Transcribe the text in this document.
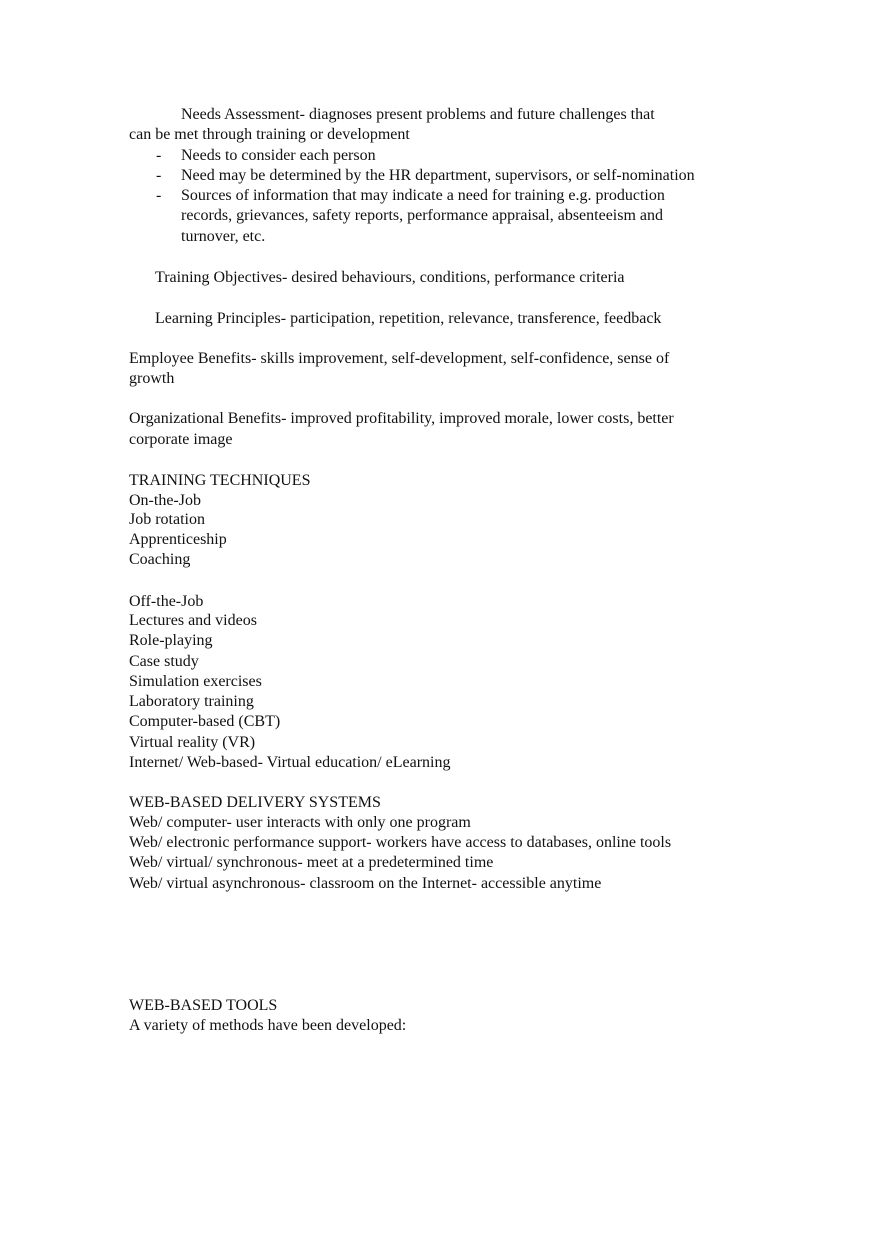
Needs Assessment- diagnoses present problems and future challenges that
can be met through training or development
- Needs to consider each person
- Need may be determined by the HR department, supervisors, or self-nomination
- Sources of information that may indicate a need for training e.g. production
records, grievances, safety reports, performance appraisal, absenteeism and
turnover, etc.
Training Objectives- desired behaviours, conditions, performance criteria
Learning Principles- participation, repetition, relevance, transference, feedback
Employee Benefits- skills improvement, self-development, self-confidence, sense of
growth
Organizational Benefits- improved profitability, improved morale, lower costs, better
corporate image
TRAINING TECHNIQUES
On-the-Job
Job rotation
Apprenticeship
Coaching
Off-the-Job
Lectures and videos
Role-playing
Case study
Simulation exercises
Laboratory training
Computer-based (CBT)
Virtual reality (VR)
Internet/ Web-based- Virtual education/ eLearning
WEB-BASED DELIVERY SYSTEMS
Web/ computer- user interacts with only one program
Web/ electronic performance support- workers have access to databases, online tools
Web/ virtual/ synchronous- meet at a predetermined time
Web/ virtual asynchronous- classroom on the Internet- accessible anytime
WEB-BASED TOOLS
A variety of methods have been developed:
